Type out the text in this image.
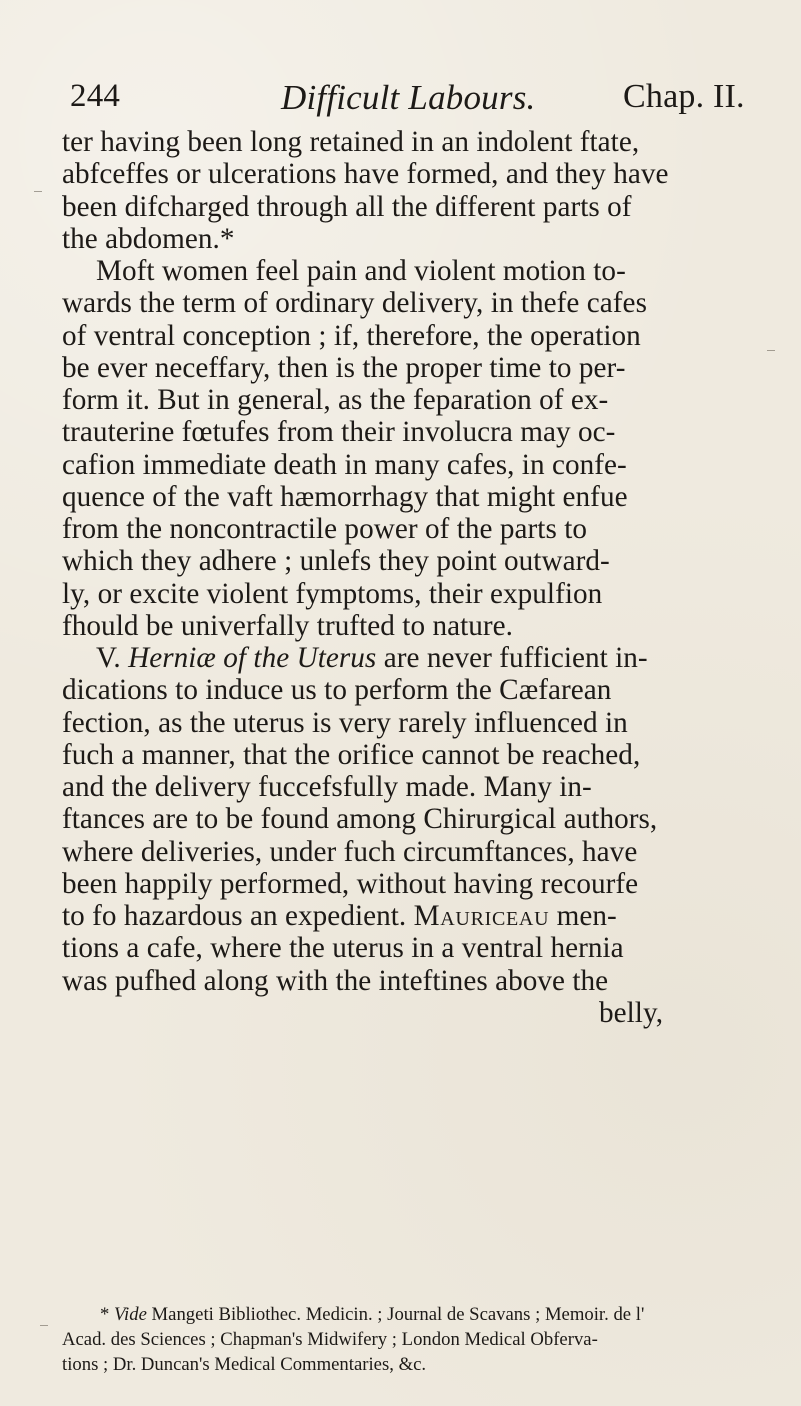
244	Difficult Labours.	Chap. II.
ter having been long retained in an indolent ftate,
abfceffes or ulcerations have formed, and they have
been difcharged through all the different parts of
the abdomen.*
Moft women feel pain and violent motion to-
wards the term of ordinary delivery, in thefe cafes
of ventral conception ; if, therefore, the operation
be ever neceffary, then is the proper time to per-
form it. But in general, as the feparation of ex-
trauterine fœtufes from their involucra may oc-
cafion immediate death in many cafes, in confe-
quence of the vaft hæmorrhagy that might enfue
from the noncontractile power of the parts to
which they adhere ; unlefs they point outward-
ly, or excite violent fymptoms, their expulfion
fhould be univerfally trufted to nature.
V. Herniæ of the Uterus are never fufficient in-
dications to induce us to perform the Cæfarean
fection, as the uterus is very rarely influenced in
fuch a manner, that the orifice cannot be reached,
and the delivery fuccefsfully made. Many in-
ftances are to be found among Chirurgical authors,
where deliveries, under fuch circumftances, have
been happily performed, without having recourfe
to fo hazardous an expedient. Mauriceau men-
tions a cafe, where the uterus in a ventral hernia
was pufhed along with the inteftines above the
belly,
* Vide Mangeti Bibliothec. Medicin. ; Journal de Scavans ; Memoir. de l'
Acad. des Sciences ; Chapman's Midwifery ; London Medical Obferva-
tions ; Dr. Duncan's Medical Commentaries, &c.
